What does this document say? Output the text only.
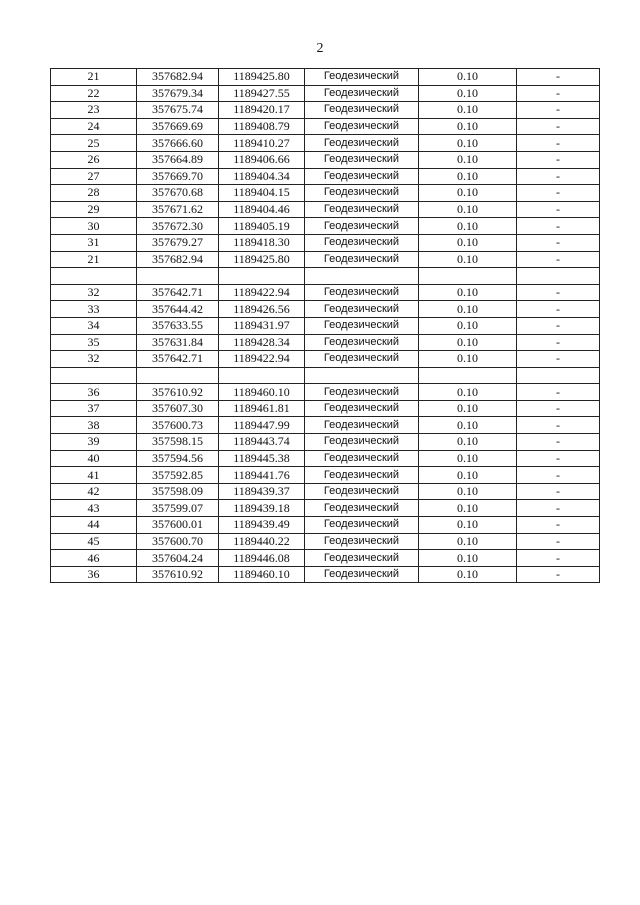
2
21	357682.94	1189425.80	Геодезический	0.10	-
22	357679.34	1189427.55	Геодезический	0.10	-
23	357675.74	1189420.17	Геодезический	0.10	-
24	357669.69	1189408.79	Геодезический	0.10	-
25	357666.60	1189410.27	Геодезический	0.10	-
26	357664.89	1189406.66	Геодезический	0.10	-
27	357669.70	1189404.34	Геодезический	0.10	-
28	357670.68	1189404.15	Геодезический	0.10	-
29	357671.62	1189404.46	Геодезический	0.10	-
30	357672.30	1189405.19	Геодезический	0.10	-
31	357679.27	1189418.30	Геодезический	0.10	-
21	357682.94	1189425.80	Геодезический	0.10	-

32	357642.71	1189422.94	Геодезический	0.10	-
33	357644.42	1189426.56	Геодезический	0.10	-
34	357633.55	1189431.97	Геодезический	0.10	-
35	357631.84	1189428.34	Геодезический	0.10	-
32	357642.71	1189422.94	Геодезический	0.10	-

36	357610.92	1189460.10	Геодезический	0.10	-
37	357607.30	1189461.81	Геодезический	0.10	-
38	357600.73	1189447.99	Геодезический	0.10	-
39	357598.15	1189443.74	Геодезический	0.10	-
40	357594.56	1189445.38	Геодезический	0.10	-
41	357592.85	1189441.76	Геодезический	0.10	-
42	357598.09	1189439.37	Геодезический	0.10	-
43	357599.07	1189439.18	Геодезический	0.10	-
44	357600.01	1189439.49	Геодезический	0.10	-
45	357600.70	1189440.22	Геодезический	0.10	-
46	357604.24	1189446.08	Геодезический	0.10	-
36	357610.92	1189460.10	Геодезический	0.10	-
